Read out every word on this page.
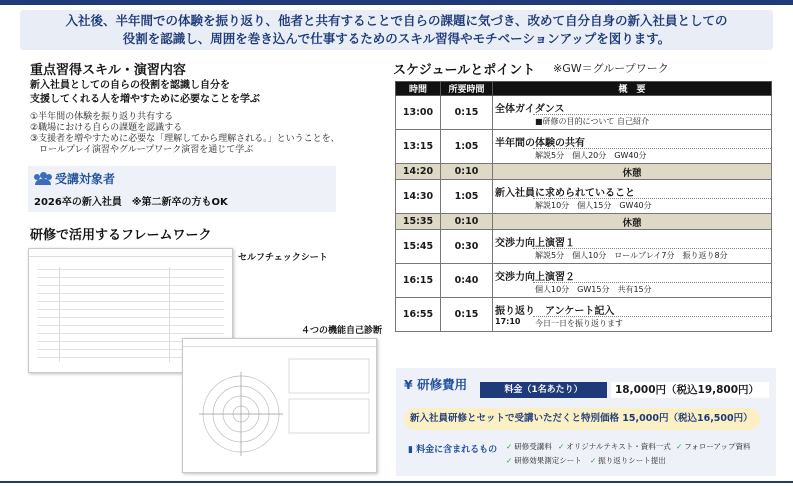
入社後、半年間での体験を振り返り、他者と共有することで自らの課題に気づき、改めて自分自身の新入社員としての
役割を認識し、周囲を巻き込んで仕事するためのスキル習得やモチベーションアップを図ります。
重点習得スキル・演習内容
新入社員としての自らの役割を認識し自分を
支援してくれる人を増やすために必要なことを学ぶ
①半年間の体験を振り返り共有する
②職場における自らの課題を認識する
③支援者を増やすために必要な「理解してから理解される。」ということを、
　ロールプレイ演習やグループワーク演習を通じて学ぶ
受講対象者
2026卒の新入社員　※第二新卒の方もOK
研修で活用するフレームワーク
セルフチェックシート
４つの機能自己診断
スケジュールとポイント ※GW＝グループワーク
時間	所要時間	概　要
13:00	0:15	全体ガイダンス
■研修の目的について 自己紹介

13:15	1:05	半年間の体験の共有
解説5分　個人20分　GW40分

14:20	0:10	休憩
14:30	1:05	新入社員に求められていること
解説10分　個人15分　GW40分

15:35	0:10	休憩
15:45	0:30	交渉力向上演習１
解説5分　個人10分　ロールプレイ7分　振り返り8分

16:15	0:40	交渉力向上演習２
個人10分　GW15分　共有15分

16:55	0:15	振り返り　アンケート記入
17:10 今日一日を振り返ります
¥ 研修費用	料金（1名あたり）	18,000円（税込19,800円）
新入社員研修とセットで受講いただくと特別価格 15,000円（税込16,500円）
▮ 料金に含まれるもの ✓ 研修受講料 ✓ オリジナルテキスト・資料一式 ✓ フォローアップ資料
✓ 研修効果測定シート ✓ 振り返りシート提出
